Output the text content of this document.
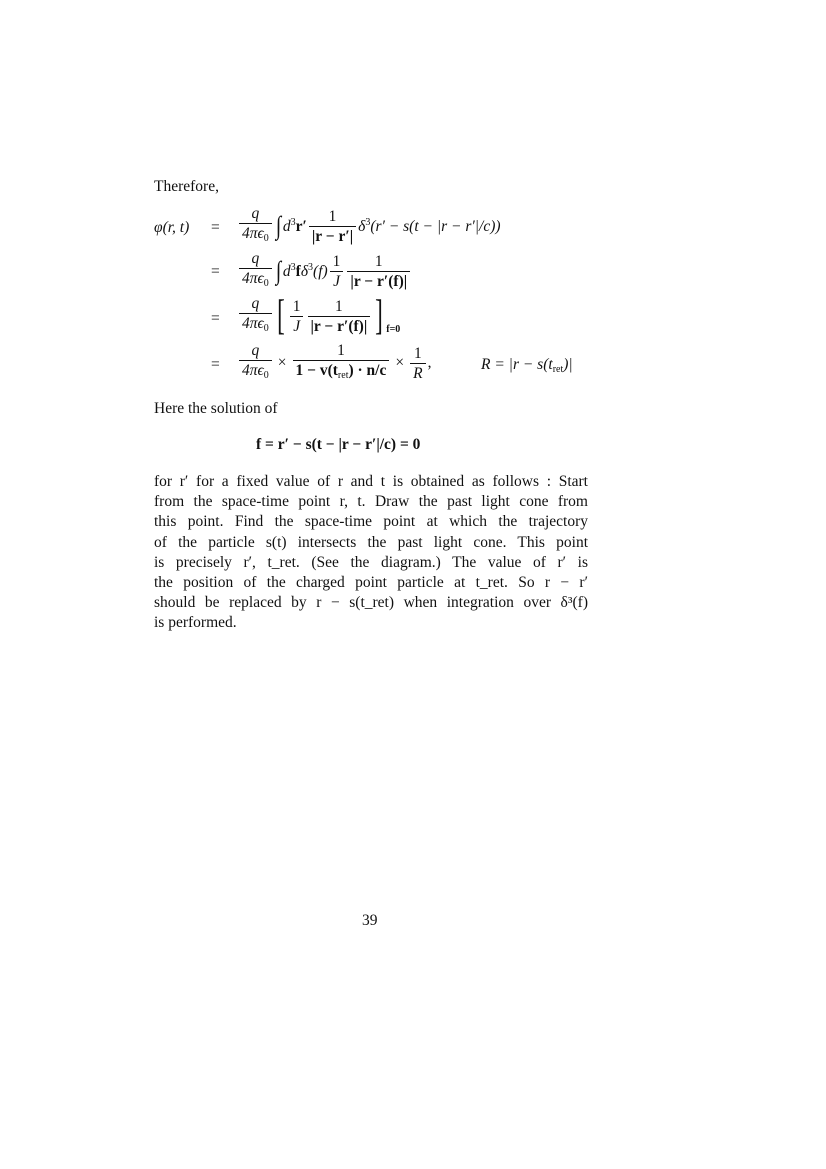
Therefore,
φ(r, $t) = \frac{q}{4\pi\epsilon_0}$ ∫ $d^3r' \frac{1}{|r - r'|} \delta^3(r' - s(t - |r - r'|/c))$
= $\frac{q}{4\pi\epsilon_0}$ ∫ $d^3f\delta^3(f) \frac{1}{J} \frac{1}{|r - r'(f)|}$
= $\frac{q}{4\pi\epsilon_0}$ [ $\frac{1}{J} \frac{1}{|r - r'(f)|}$ ] f=0
= $\frac{q}{4\pi\epsilon_0} \times \frac{1}{1 - v(t_{ret}) \cdot n/c} \times \frac{1}{R}$ ,	$R = |r - s(t_{ret})|$
Here the solution of
f = r′ − s(t − |r − r′|/c) = 0
for r′ for a fixed value of r and t is obtained as follows : Start
from the space-time point r, t. Draw the past light cone from
this point. Find the space-time point at which the trajectory
of the particle s(t) intersects the past light cone. This point
is precisely r′, t_ret. (See the diagram.) The value of r′ is
the position of the charged point particle at t_ret. So r − r′
should be replaced by r − s(t_ret) when integration over δ³(f)
is performed.
39
